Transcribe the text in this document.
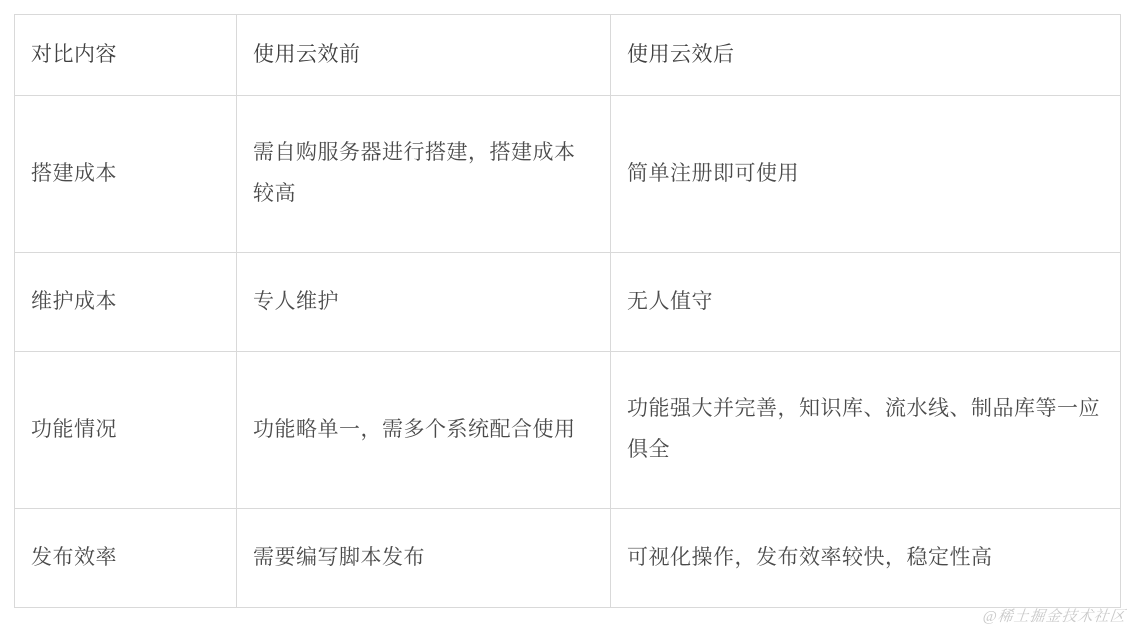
对比内容	使用云效前	使用云效后
搭建成本	需自购服务器进行搭建，搭建成本较高	简单注册即可使用
维护成本	专人维护	无人值守
功能情况	功能略单一，需多个系统配合使用	功能强大并完善，知识库、流水线、制品库等一应俱全
发布效率	需要编写脚本发布	可视化操作，发布效率较快，稳定性高
@稀土掘金技术社区
